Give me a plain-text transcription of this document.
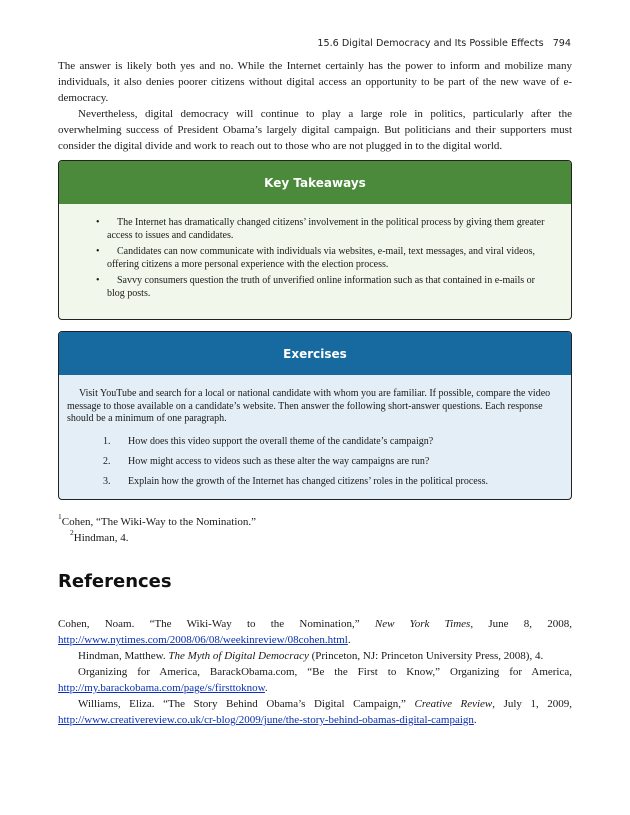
15.6 Digital Democracy and Its Possible Effects 794

The answer is likely both yes and no. While the Internet certainly has the power to inform and mobilize many individuals, it also denies poorer citizens without digital access an opportunity to be part of the new wave of e-democracy.

Nevertheless, digital democracy will continue to play a large role in politics, particularly after the overwhelming success of President Obama’s largely digital campaign. But politicians and their supporters must consider the digital divide and work to reach out to those who are not plugged in to the digital world.

Key Takeaways
•	The Internet has dramatically changed citizens’ involvement in the political process by giving them greater access to issues and candidates.
•	Candidates can now communicate with individuals via websites, e-mail, text messages, and viral videos, offering citizens a more personal experience with the election process.
•	Savvy consumers question the truth of unverified online information such as that contained in e-mails or blog posts.
Exercises
Visit YouTube and search for a local or national candidate with whom you are familiar. If possible, compare the video message to those available on a candidate’s website. Then answer the following short-answer questions. Each response should be a minimum of one paragraph.
1. How does this video support the overall theme of the candidate’s campaign?
2. How might access to videos such as these alter the way campaigns are run?
3. Explain how the growth of the Internet has changed citizens’ roles in the political process.
$^1$Cohen, “The Wiki-Way to the Nomination.”
$^2$Hindman, 4.
References

Cohen, Noam. “The Wiki-Way to the Nomination,” New York Times, June 8, 2008, http://www.nytimes.com/2008/06/08/weekinreview/08cohen.html.

Hindman, Matthew. The Myth of Digital Democracy (Princeton, NJ: Princeton University Press, 2008), 4.

Organizing for America, BarackObama.com, “Be the First to Know,” Organizing for America, http://my.barackobama.com/page/s/firsttoknow.

Williams, Eliza. “The Story Behind Obama’s Digital Campaign,” Creative Review, July 1, 2009, http://www.creativereview.co.uk/cr-blog/2009/june/the-story-behind-obamas-digital-campaign.
